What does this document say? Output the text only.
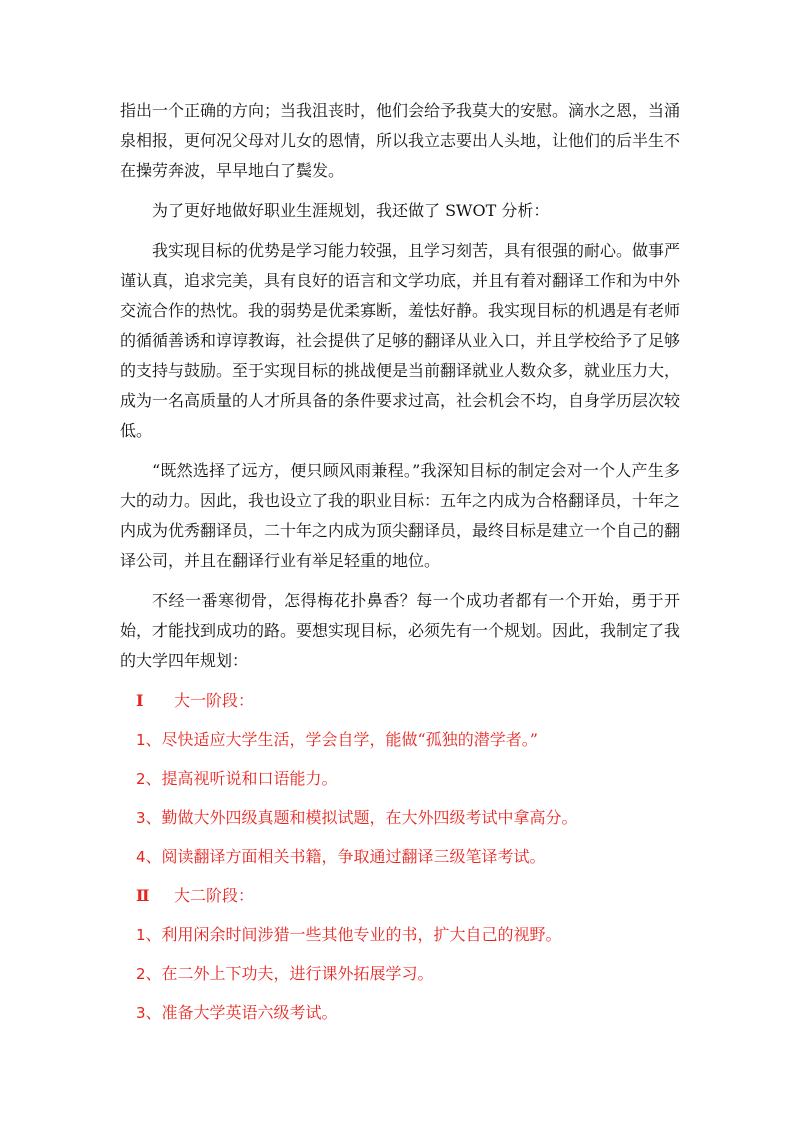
指出一个正确的方向；当我沮丧时，他们会给予我莫大的安慰。滴水之恩，当涌泉相报，更何况父母对儿女的恩情，所以我立志要出人头地，让他们的后半生不在操劳奔波，早早地白了鬓发。

为了更好地做好职业生涯规划，我还做了 SWOT 分析：

我实现目标的优势是学习能力较强，且学习刻苦，具有很强的耐心。做事严谨认真，追求完美，具有良好的语言和文学功底，并且有着对翻译工作和为中外交流合作的热忱。我的弱势是优柔寡断，羞怯好静。我实现目标的机遇是有老师的循循善诱和谆谆教诲，社会提供了足够的翻译从业入口，并且学校给予了足够的支持与鼓励。至于实现目标的挑战便是当前翻译就业人数众多，就业压力大，成为一名高质量的人才所具备的条件要求过高，社会机会不均，自身学历层次较低。

“既然选择了远方，便只顾风雨兼程。”我深知目标的制定会对一个人产生多大的动力。因此，我也设立了我的职业目标：五年之内成为合格翻译员，十年之内成为优秀翻译员，二十年之内成为顶尖翻译员，最终目标是建立一个自己的翻译公司，并且在翻译行业有举足轻重的地位。

不经一番寒彻骨，怎得梅花扑鼻香？每一个成功者都有一个开始，勇于开始，才能找到成功的路。要想实现目标，必须先有一个规划。因此，我制定了我的大学四年规划：

Ⅰ 大一阶段：
1、尽快适应大学生活，学会自学，能做“孤独的潜学者。”
2、提高视听说和口语能力。
3、勤做大外四级真题和模拟试题，在大外四级考试中拿高分。
4、阅读翻译方面相关书籍，争取通过翻译三级笔译考试。
Ⅱ 大二阶段：
1、利用闲余时间涉猎一些其他专业的书，扩大自己的视野。
2、在二外上下功夫，进行课外拓展学习。
3、准备大学英语六级考试。
